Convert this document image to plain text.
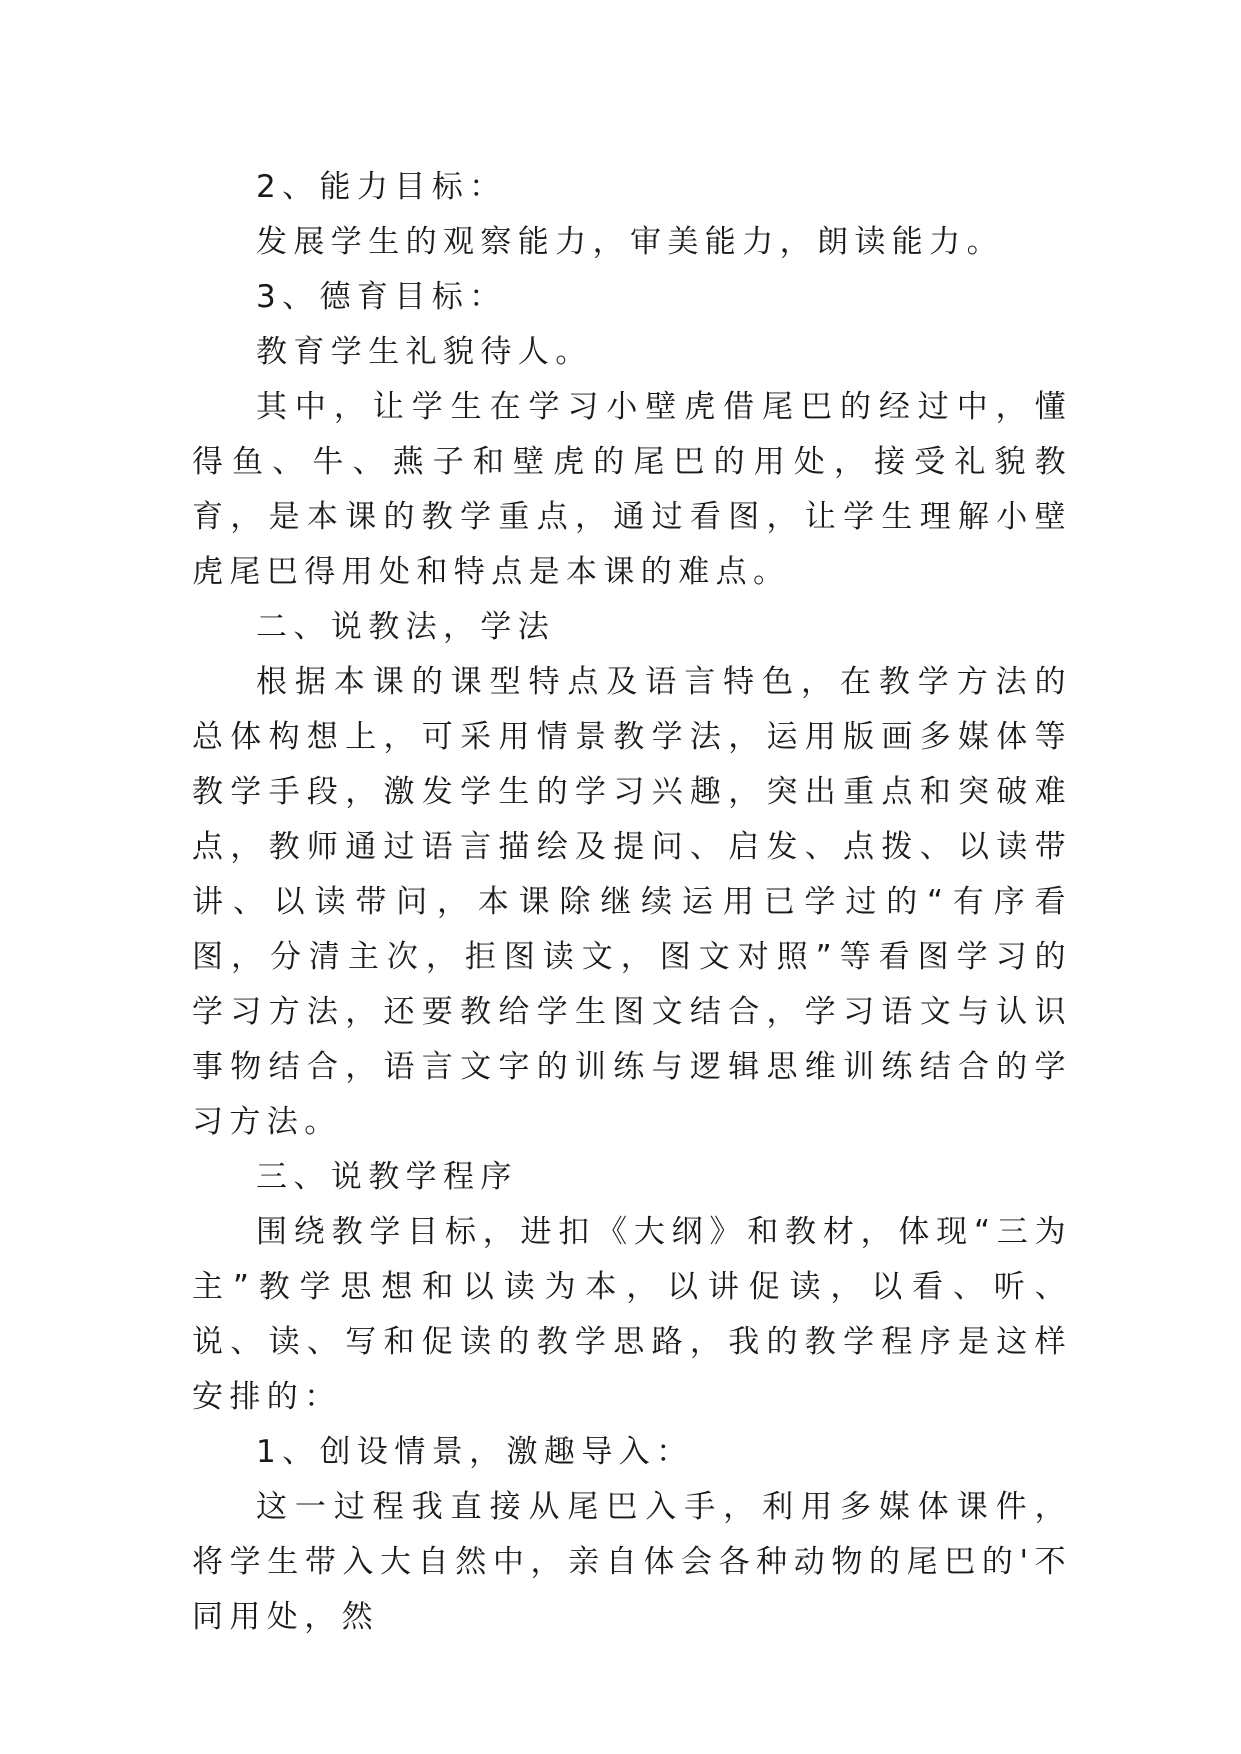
2、能力目标：

发展学生的观察能力，审美能力，朗读能力。

3、德育目标：

教育学生礼貌待人。

其中，让学生在学习小壁虎借尾巴的经过中，懂得鱼、牛、燕子和壁虎的尾巴的用处，接受礼貌教育，是本课的教学重点，通过看图，让学生理解小壁虎尾巴得用处和特点是本课的难点。

二、说教法，学法

根据本课的课型特点及语言特色，在教学方法的总体构想上，可采用情景教学法，运用版画多媒体等教学手段，激发学生的学习兴趣，突出重点和突破难点，教师通过语言描绘及提问、启发、点拨、以读带讲、以读带问，本课除继续运用已学过的“有序看图，分清主次，拒图读文，图文对照”等看图学习的学习方法，还要教给学生图文结合，学习语文与认识事物结合，语言文字的训练与逻辑思维训练结合的学习方法。

三、说教学程序

围绕教学目标，进扣《大纲》和教材，体现“三为主”教学思想和以读为本，以讲促读，以看、听、说、读、写和促读的教学思路，我的教学程序是这样安排的：

1、创设情景，激趣导入：

这一过程我直接从尾巴入手，利用多媒体课件，将学生带入大自然中，亲自体会各种动物的尾巴的'不同用处，然
